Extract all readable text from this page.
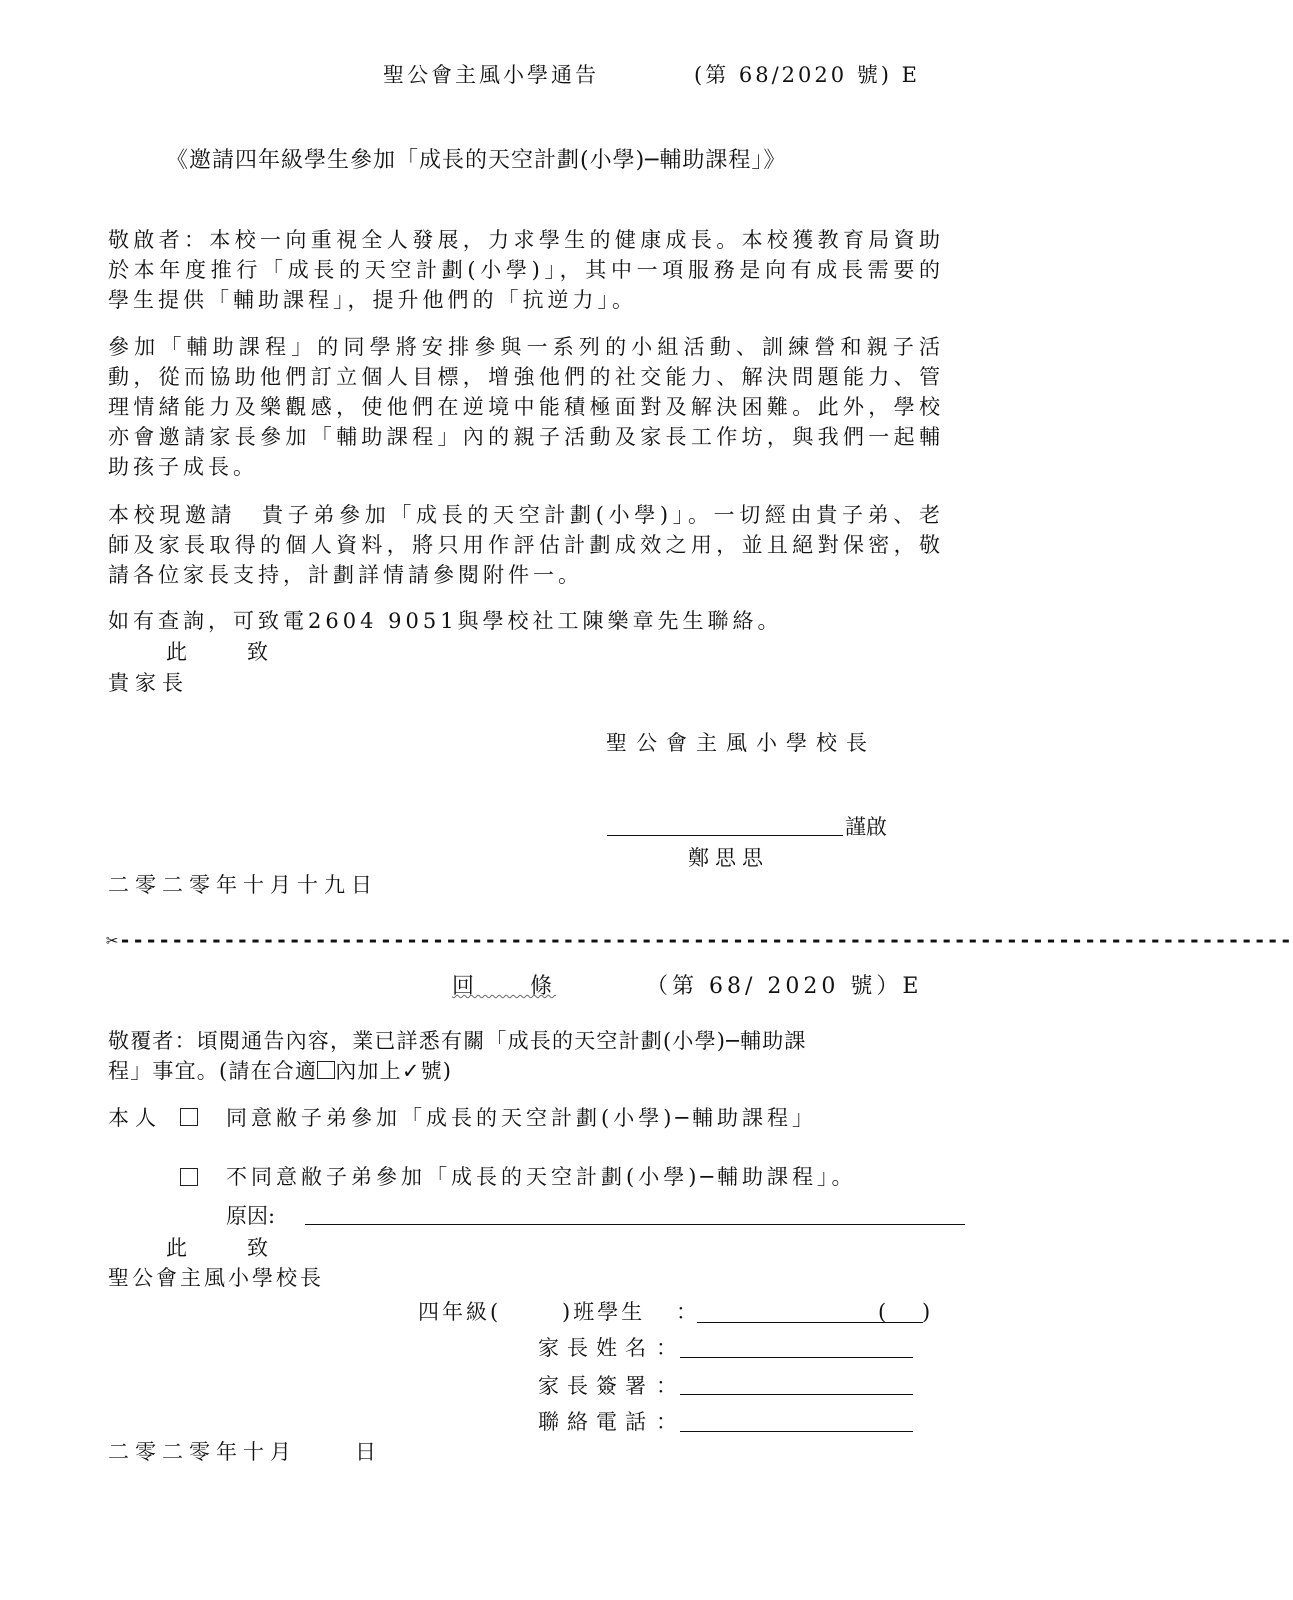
聖公會主風小學通告	(第 68/2020 號) E
《邀請四年級學生參加「成長的天空計劃(小學)─輔助課程」》
敬啟者：本校一向重視全人發展，力求學生的健康成長。本校獲教育局資助於本年度推行「成長的天空計劃(小學)」，其中一項服務是向有成長需要的學生提供「輔助課程」，提升他們的「抗逆力」。
參加「輔助課程」的同學將安排參與一系列的小組活動、訓練營和親子活動，從而協助他們訂立個人目標，增強他們的社交能力、解決問題能力、管理情緒能力及樂觀感，使他們在逆境中能積極面對及解決困難。此外，學校亦會邀請家長參加「輔助課程」內的親子活動及家長工作坊，與我們一起輔助孩子成長。
本校現邀請　貴子弟參加「成長的天空計劃(小學)」。一切經由貴子弟、老師及家長取得的個人資料，將只用作評估計劃成效之用，並且絕對保密，敬請各位家長支持，計劃詳情請參閱附件一。
如有查詢，可致電2604 9051與學校社工陳樂章先生聯絡。
此　　致
貴家長
聖公會主風小學校長
謹啟
鄭思思
二零二零年十月十九日
✂------------------------------------------------------------------------------------------
回　　條	（第 68/ 2020 號）E
敬覆者：頃閱通告內容，業已詳悉有關「成長的天空計劃(小學)─輔助課
程」事宜。(請在合適 內加上✓號)
本人	同意敝子弟參加「成長的天空計劃(小學)─輔助課程」
不同意敝子弟參加「成長的天空計劃(小學)─輔助課程」。
原因:
此　　致
聖公會主風小學校長
四年級(	)班學生 ：	( )
家長姓名 ：
家長簽署 ：
聯絡電話 ：
二零二零年十月	日
